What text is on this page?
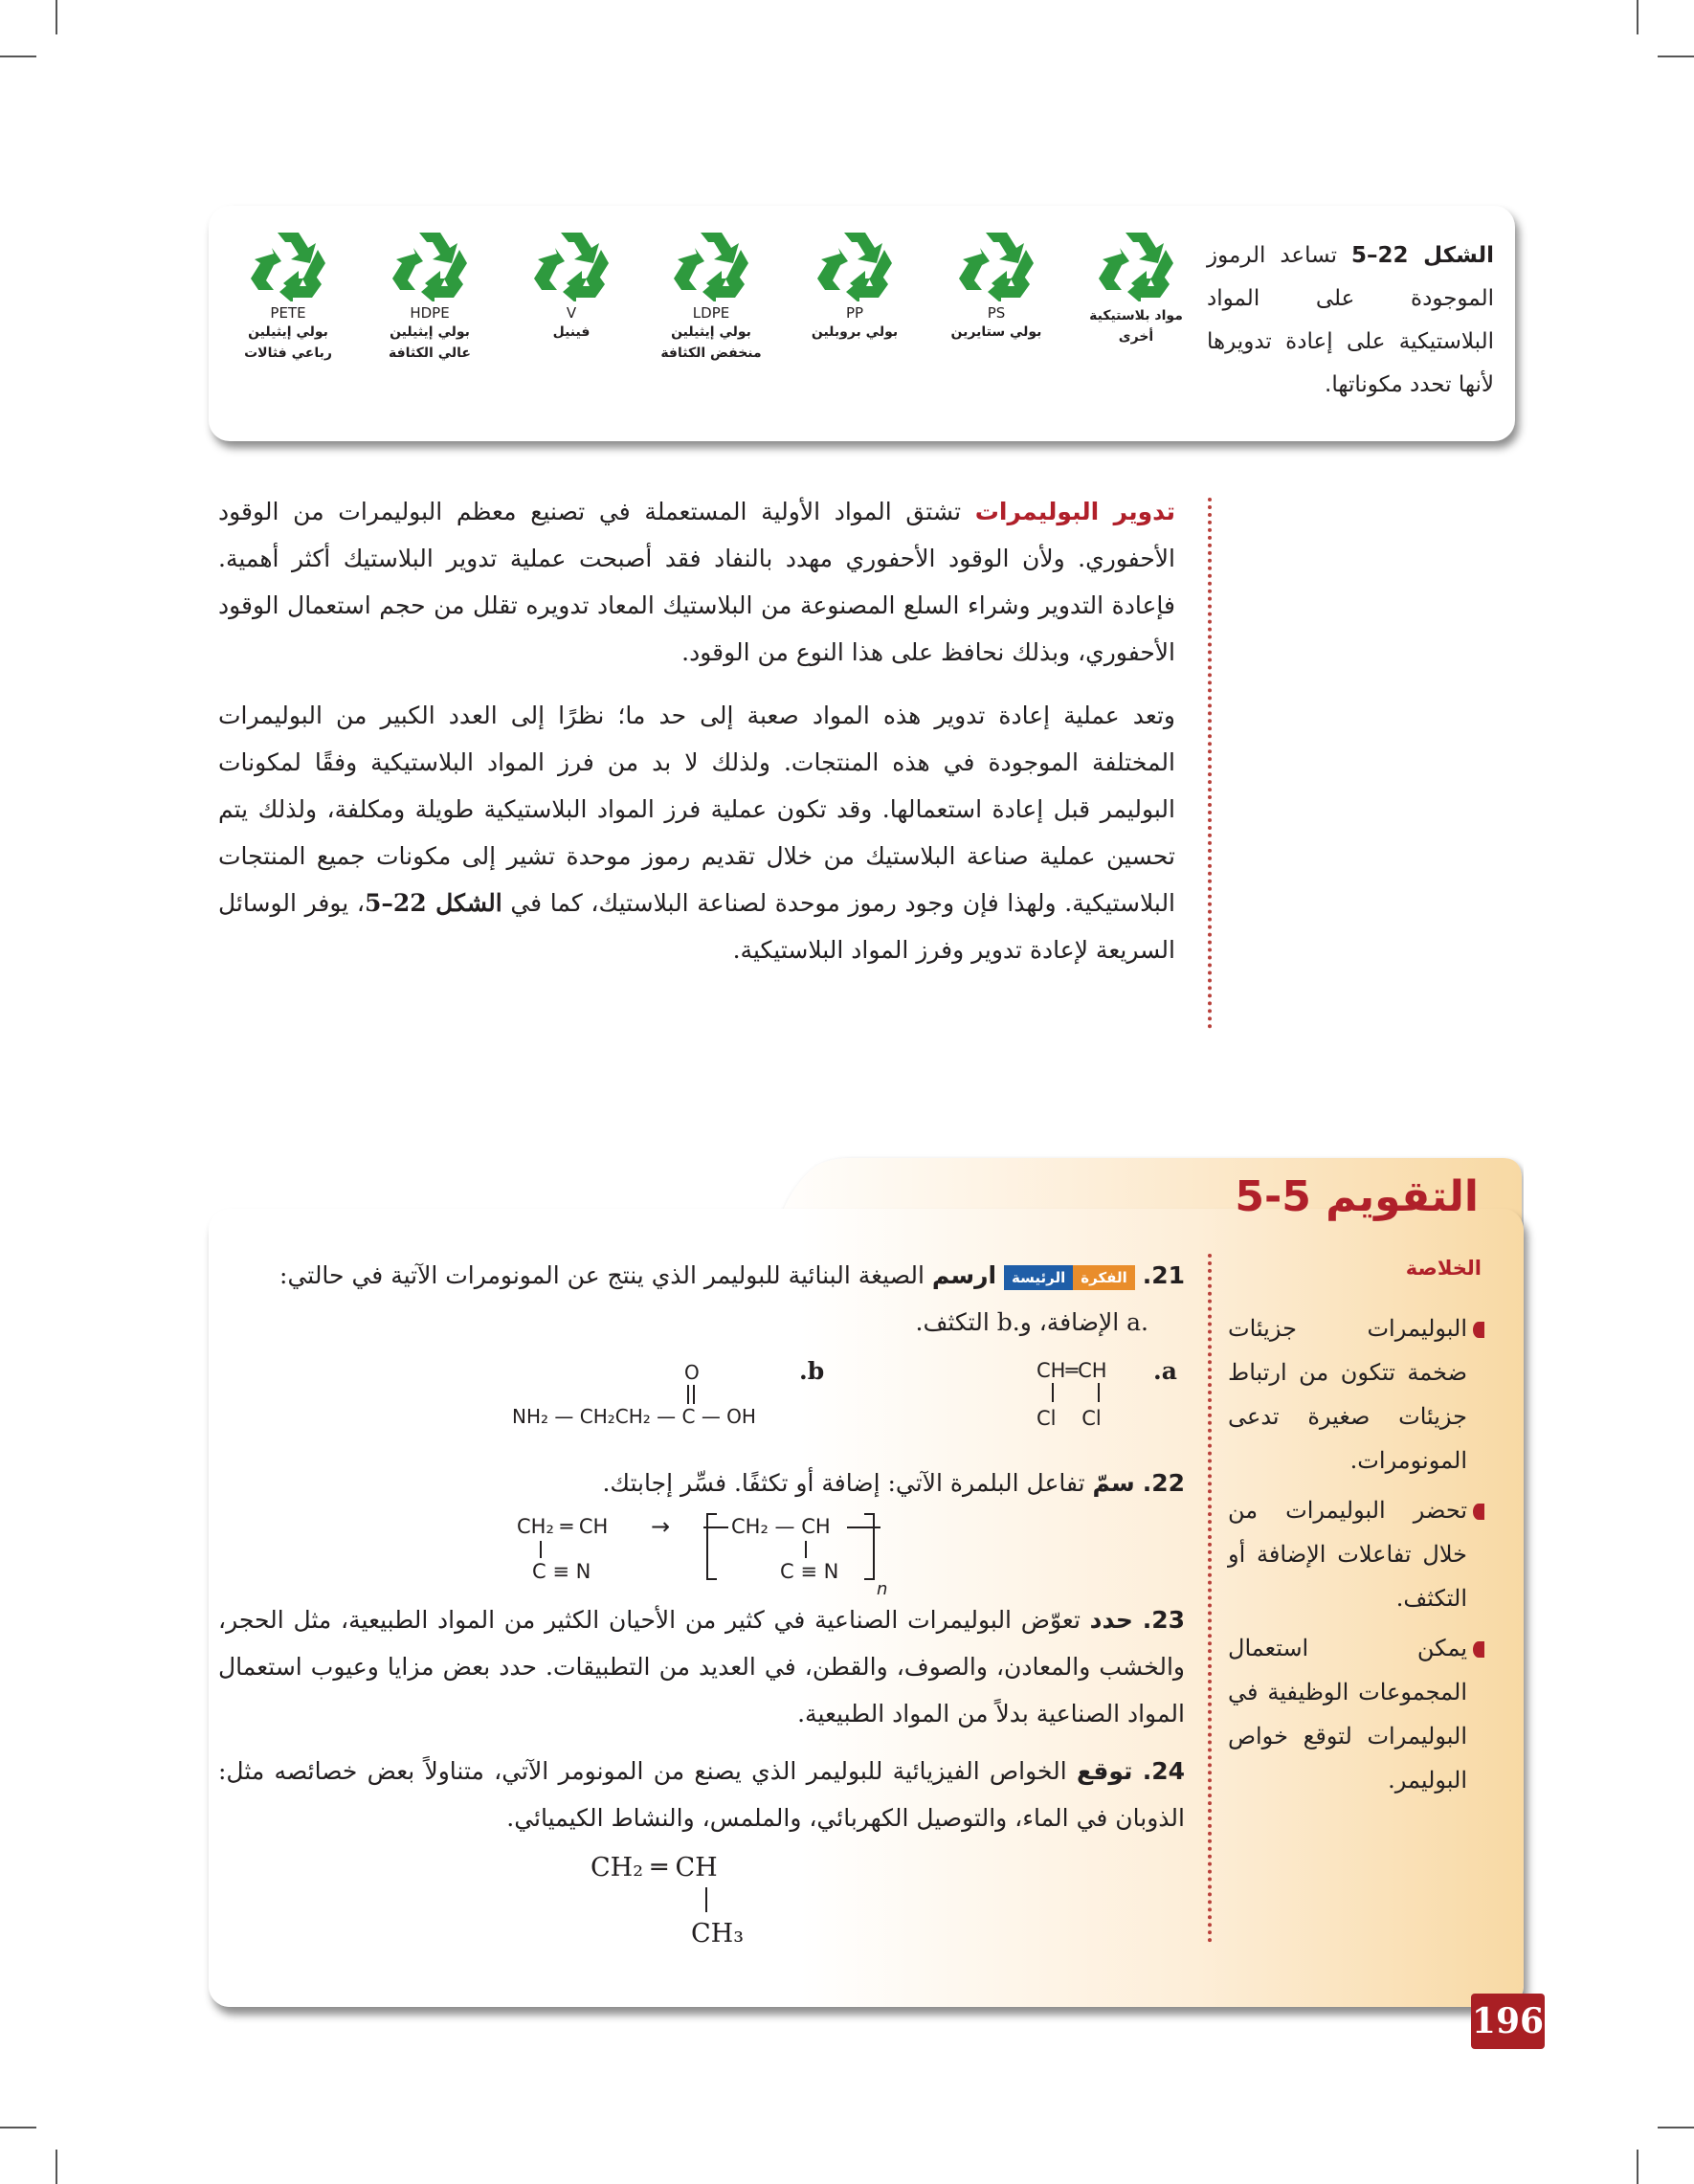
الشكل 22–5 تساعد الرموز الموجودة على المواد البلاستيكية على إعادة تدويرها لأنها تحدد مكوناتها.
1
PETE
بولي إيثيلين
رباعي فثالات
2
HDPE
بولي إيثيلين
عالي الكثافة
3
V
فينيل
4
LDPE
بولي إيثيلين
منخفض الكثافة
5
PP
بولي بروبلين
6
PS
بولي ستايرين
7
مواد بلاستيكية
أخرى

تدوير البوليمرات تشتق المواد الأولية المستعملة في تصنيع معظم البوليمرات من الوقود الأحفوري. ولأن الوقود الأحفوري مهدد بالنفاد فقد أصبحت عملية تدوير البلاستيك أكثر أهمية. فإعادة التدوير وشراء السلع المصنوعة من البلاستيك المعاد تدويره تقلل من حجم استعمال الوقود الأحفوري، وبذلك نحافظ على هذا النوع من الوقود.

وتعد عملية إعادة تدوير هذه المواد صعبة إلى حد ما؛ نظرًا إلى العدد الكبير من البوليمرات المختلفة الموجودة في هذه المنتجات. ولذلك لا بد من فرز المواد البلاستيكية وفقًا لمكونات البوليمر قبل إعادة استعمالها. وقد تكون عملية فرز المواد البلاستيكية طويلة ومكلفة، ولذلك يتم تحسين عملية صناعة البلاستيك من خلال تقديم رموز موحدة تشير إلى مكونات جميع المنتجات البلاستيكية. ولهذا فإن وجود رموز موحدة لصناعة البلاستيك، كما في الشكل 22–5، يوفر الوسائل السريعة لإعادة تدوير وفرز المواد البلاستيكية.

التقويم 5-5
الخلاصة
البوليمرات جزيئات ضخمة تتكون من ارتباط جزيئات صغيرة تدعى المونومرات.
تحضر البوليمرات من خلال تفاعلات الإضافة أو التكثف.
يمكن استعمال المجموعات الوظيفية في البوليمرات لتوقع خواص البوليمر.
21. الفكرةالرئيسة ارسم الصيغة البنائية للبوليمر الذي ينتج عن المونومرات الآتية في حالتي:
.a الإضافة، و.b التكثف.
a.
CH═CH
Cl    Cl
b.
O
NH₂ — CH₂CH₂ — C — OH
22. سمّ تفاعل البلمرة الآتي: إضافة أو تكثفًا. فسِّر إجابتك.
CH₂ ═ CH
C ≡ N
→	CH₂ — CH
C ≡ N
n
23. حدد تعوّض البوليمرات الصناعية في كثير من الأحيان الكثير من المواد الطبيعية، مثل الحجر، والخشب والمعادن، والصوف، والقطن، في العديد من التطبيقات. حدد بعض مزايا وعيوب استعمال المواد الصناعية بدلاً من المواد الطبيعية.
24. توقع الخواص الفيزيائية للبوليمر الذي يصنع من المونومر الآتي، متناولاً بعض خصائصه مثل: الذوبان في الماء، والتوصيل الكهربائي، والملمس، والنشاط الكيميائي.
CH₂ ═ CH
CH₃
196
